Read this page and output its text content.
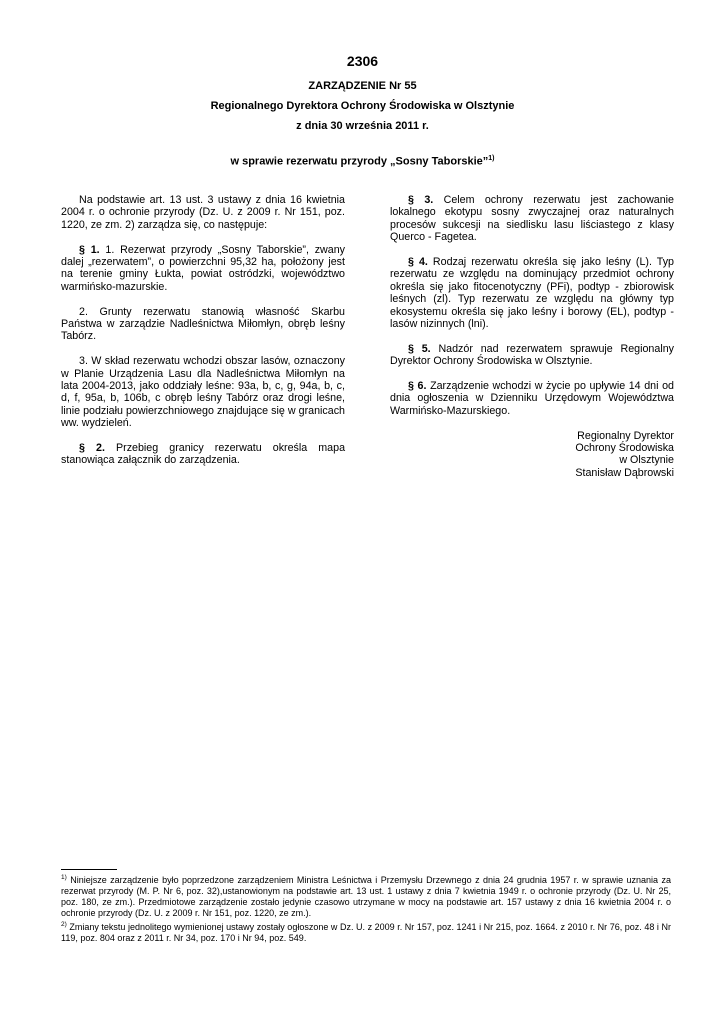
2306
ZARZĄDZENIE Nr 55
Regionalnego Dyrektora Ochrony Środowiska w Olsztynie
z dnia 30 września 2011 r.
w sprawie rezerwatu przyrody „Sosny Taborskie”$^{1)}$

Na podstawie art. 13 ust. 3 ustawy z dnia 16 kwietnia 2004 r. o ochronie przyrody (Dz. U. z 2009 r. Nr 151, poz. 1220, ze zm. 2) zarządza się, co następuje:

§ 1. 1. Rezerwat przyrody „Sosny Taborskie”, zwany dalej „rezerwatem”, o powierzchni 95,32 ha, położony jest na terenie gminy Łukta, powiat ostródzki, województwo warmińsko-mazurskie.

2. Grunty rezerwatu stanowią własność Skarbu Państwa w zarządzie Nadleśnictwa Miłomłyn, obręb leśny Tabórz.

3. W skład rezerwatu wchodzi obszar lasów, oznaczony w Planie Urządzenia Lasu dla Nadleśnictwa Miłomłyn na lata 2004-2013, jako oddziały leśne: 93a, b, c, g, 94a, b, c, d, f, 95a, b, 106b, c obręb leśny Tabórz oraz drogi leśne, linie podziału powierzchniowego znajdujące się w granicach ww. wydzieleń.

§ 2. Przebieg granicy rezerwatu określa mapa stanowiąca załącznik do zarządzenia.

§ 3. Celem ochrony rezerwatu jest zachowanie lokalnego ekotypu sosny zwyczajnej oraz naturalnych procesów sukcesji na siedlisku lasu liściastego z klasy Querco - Fagetea.

§ 4. Rodzaj rezerwatu określa się jako leśny (L). Typ rezerwatu ze względu na dominujący przedmiot ochrony określa się jako fitocenotyczny (PFi), podtyp - zbiorowisk leśnych (zl). Typ rezerwatu ze względu na główny typ ekosystemu określa się jako leśny i borowy (EL), podtyp - lasów nizinnych (lni).

§ 5. Nadzór nad rezerwatem sprawuje Regionalny Dyrektor Ochrony Środowiska w Olsztynie.

§ 6. Zarządzenie wchodzi w życie po upływie 14 dni od dnia ogłoszenia w Dzienniku Urzędowym Województwa Warmińsko-Mazurskiego.

Regionalny Dyrektor
Ochrony Środowiska
w Olsztynie
Stanisław Dąbrowski

$^{1)}$ Niniejsze zarządzenie było poprzedzone zarządzeniem Ministra Leśnictwa i Przemysłu Drzewnego z dnia 24 grudnia 1957 r. w sprawie uznania za rezerwat przyrody (M. P. Nr 6, poz. 32),ustanowionym na podstawie art. 13 ust. 1 ustawy z dnia 7 kwietnia 1949 r. o ochronie przyrody (Dz. U. Nr 25, poz. 180, ze zm.). Przedmiotowe zarządzenie zostało jedynie czasowo utrzymane w mocy na podstawie art. 157 ustawy z dnia 16 kwietnia 2004 r. o ochronie przyrody (Dz. U. z 2009 r. Nr 151, poz. 1220, ze zm.).

$^{2)}$ Zmiany tekstu jednolitego wymienionej ustawy zostały ogłoszone w Dz. U. z 2009 r. Nr 157, poz. 1241 i Nr 215, poz. 1664. z 2010 r. Nr 76, poz. 48 i Nr 119, poz. 804 oraz z 2011 r. Nr 34, poz. 170 i Nr 94, poz. 549.
